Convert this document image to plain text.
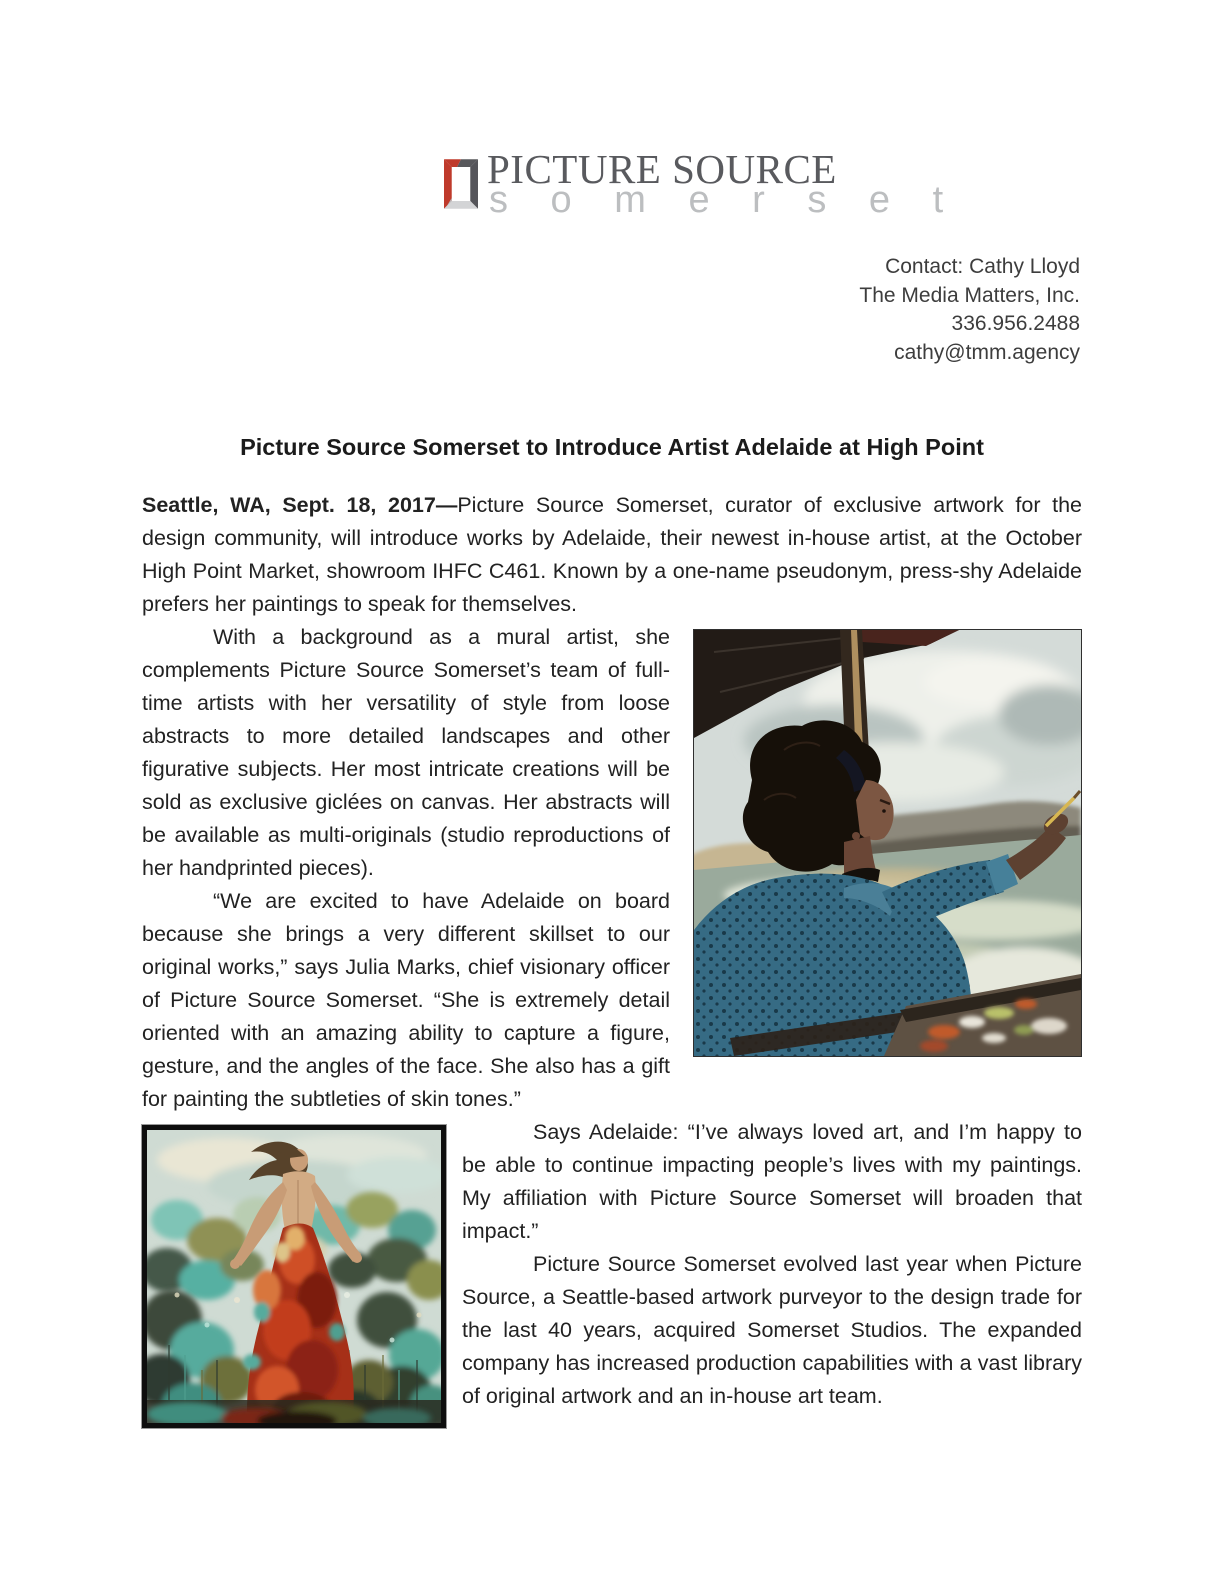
PICTURE SOURCE
s o m e r s e t
Contact: Cathy Lloyd
The Media Matters, Inc.
336.956.2488
cathy@tmm.agency
Picture Source Somerset to Introduce Artist Adelaide at High Point

Seattle, WA, Sept. 18, 2017—Picture Source Somerset, curator of exclusive artwork for the design community, will introduce works by Adelaide, their newest in-house artist, at the October High Point Market, showroom IHFC C461. Known by a one-name pseudonym, press-shy Adelaide prefers her paintings to speak for themselves.

With a background as a mural artist, she complements Picture Source Somerset’s team of full-time artists with her versatility of style from loose abstracts to more detailed landscapes and other figurative subjects. Her most intricate creations will be sold as exclusive giclées on canvas. Her abstracts will be available as multi-originals (studio reproductions of her handprinted pieces).

“We are excited to have Adelaide on board because she brings a very different skillset to our original works,” says Julia Marks, chief visionary officer of Picture Source Somerset. “She is extremely detail oriented with an amazing ability to capture a figure, gesture, and the angles of the face. She also has a gift for painting the subtleties of skin tones.”

Says Adelaide: “I’ve always loved art, and I’m happy to be able to continue impacting people’s lives with my paintings. My affiliation with Picture Source Somerset will broaden that impact.”

Picture Source Somerset evolved last year when Picture Source, a Seattle-based artwork purveyor to the design trade for the last 40 years, acquired Somerset Studios. The expanded company has increased production capabilities with a vast library of original artwork and an in-house art team.
